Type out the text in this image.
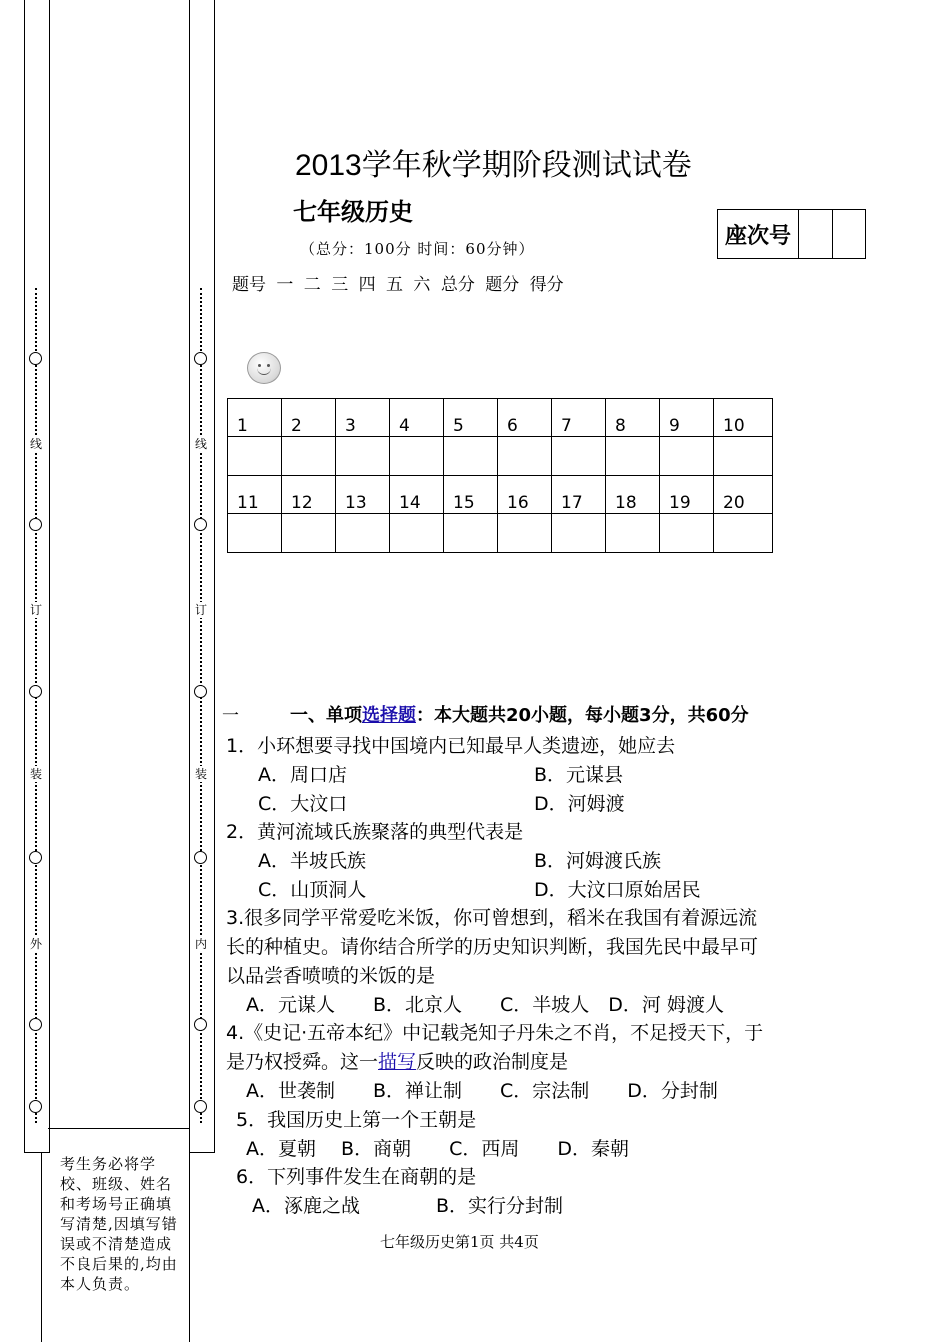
线
订
装
外
线
订
装
内
考生务必将学校、班级、姓名和考场号正确填写清楚,因填写错误或不清楚造成不良后果的,均由本人负责。
2013学年秋学期阶段测试试卷
七年级历史
（总分：100分 时间：60分钟）
题号 一 二 三 四 五 六 总分 题分 得分
座次号
1	2	3	4	5	6	7	8	9	10

11	12	13	14	15	16	17	18	19	20

一	一、单项选择题：本大题共20小题，每小题3分，共60分
1．小环想要寻找中国境内已知最早人类遗迹，她应去
A．周口店	B．元谋县
C．大汶口	D．河姆渡
2．黄河流域氏族聚落的典型代表是
A．半坡氏族	B．河姆渡氏族
C．山顶洞人	D．大汶口原始居民
3.很多同学平常爱吃米饭，你可曾想到，稻米在我国有着源远流
长的种植史。请你结合所学的历史知识判断，我国先民中最早可
以品尝香喷喷的米饭的是
A．元谋人　　B．北京人　　C．半坡人　D．河 姆渡人
4.《史记·五帝本纪》中记载尧知子丹朱之不肖，不足授天下，于
是乃权授舜。这一描写反映的政治制度是
A．世袭制　　B．禅让制　　C．宗法制　　D．分封制
5．我国历史上第一个王朝是
A．夏朝　 B．商朝　　C．西周　　D．秦朝
6．下列事件发生在商朝的是
A．涿鹿之战　　　　B．实行分封制
七年级历史第1页 共4页
